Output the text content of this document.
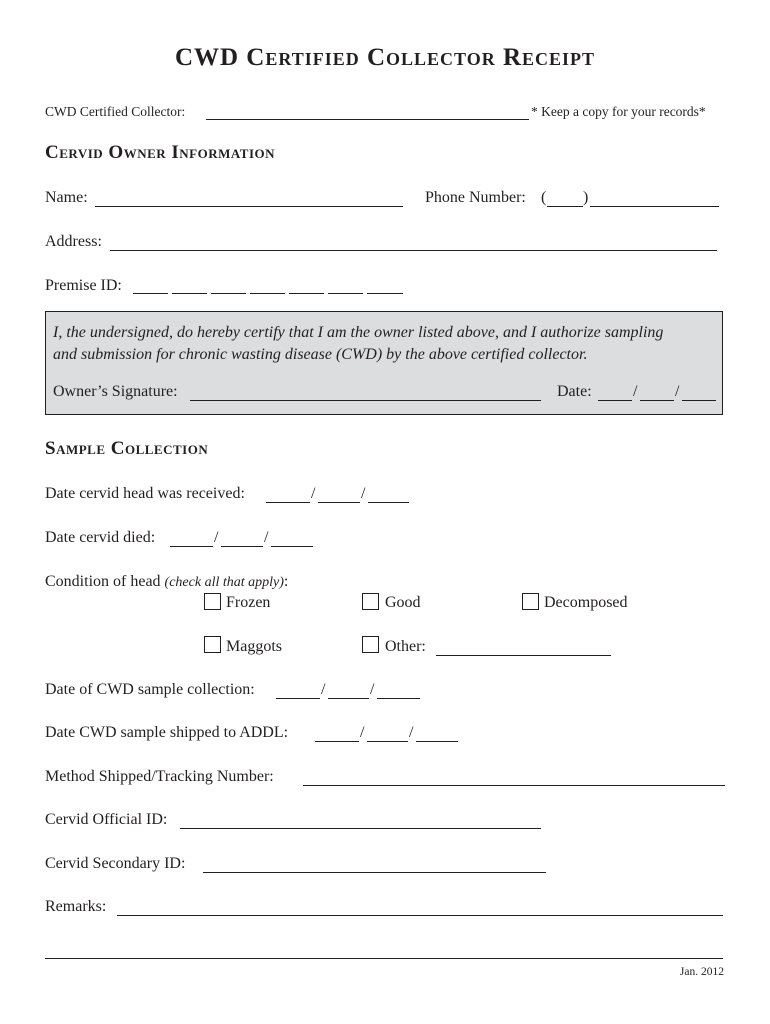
CWD Certified Collector Receipt
CWD Certified Collector:	* Keep a copy for your records*
Cervid Owner Information
Name:	Phone Number: ( )
Address:
Premise ID:
I, the undersigned, do hereby certify that I am the owner listed above, and I authorize sampling
and submission for chronic wasting disease (CWD) by the above certified collector.
Owner’s Signature:	Date:	/ /
Sample Collection
Date cervid head was received:	/	/
Date cervid died:	/	/
Condition of head (check all that apply):
Frozen	Good	Decomposed
Maggots	Other:
Date of CWD sample collection:	/	/
Date CWD sample shipped to ADDL:	/	/
Method Shipped/Tracking Number:
Cervid Official ID:
Cervid Secondary ID:
Remarks:
Jan. 2012
